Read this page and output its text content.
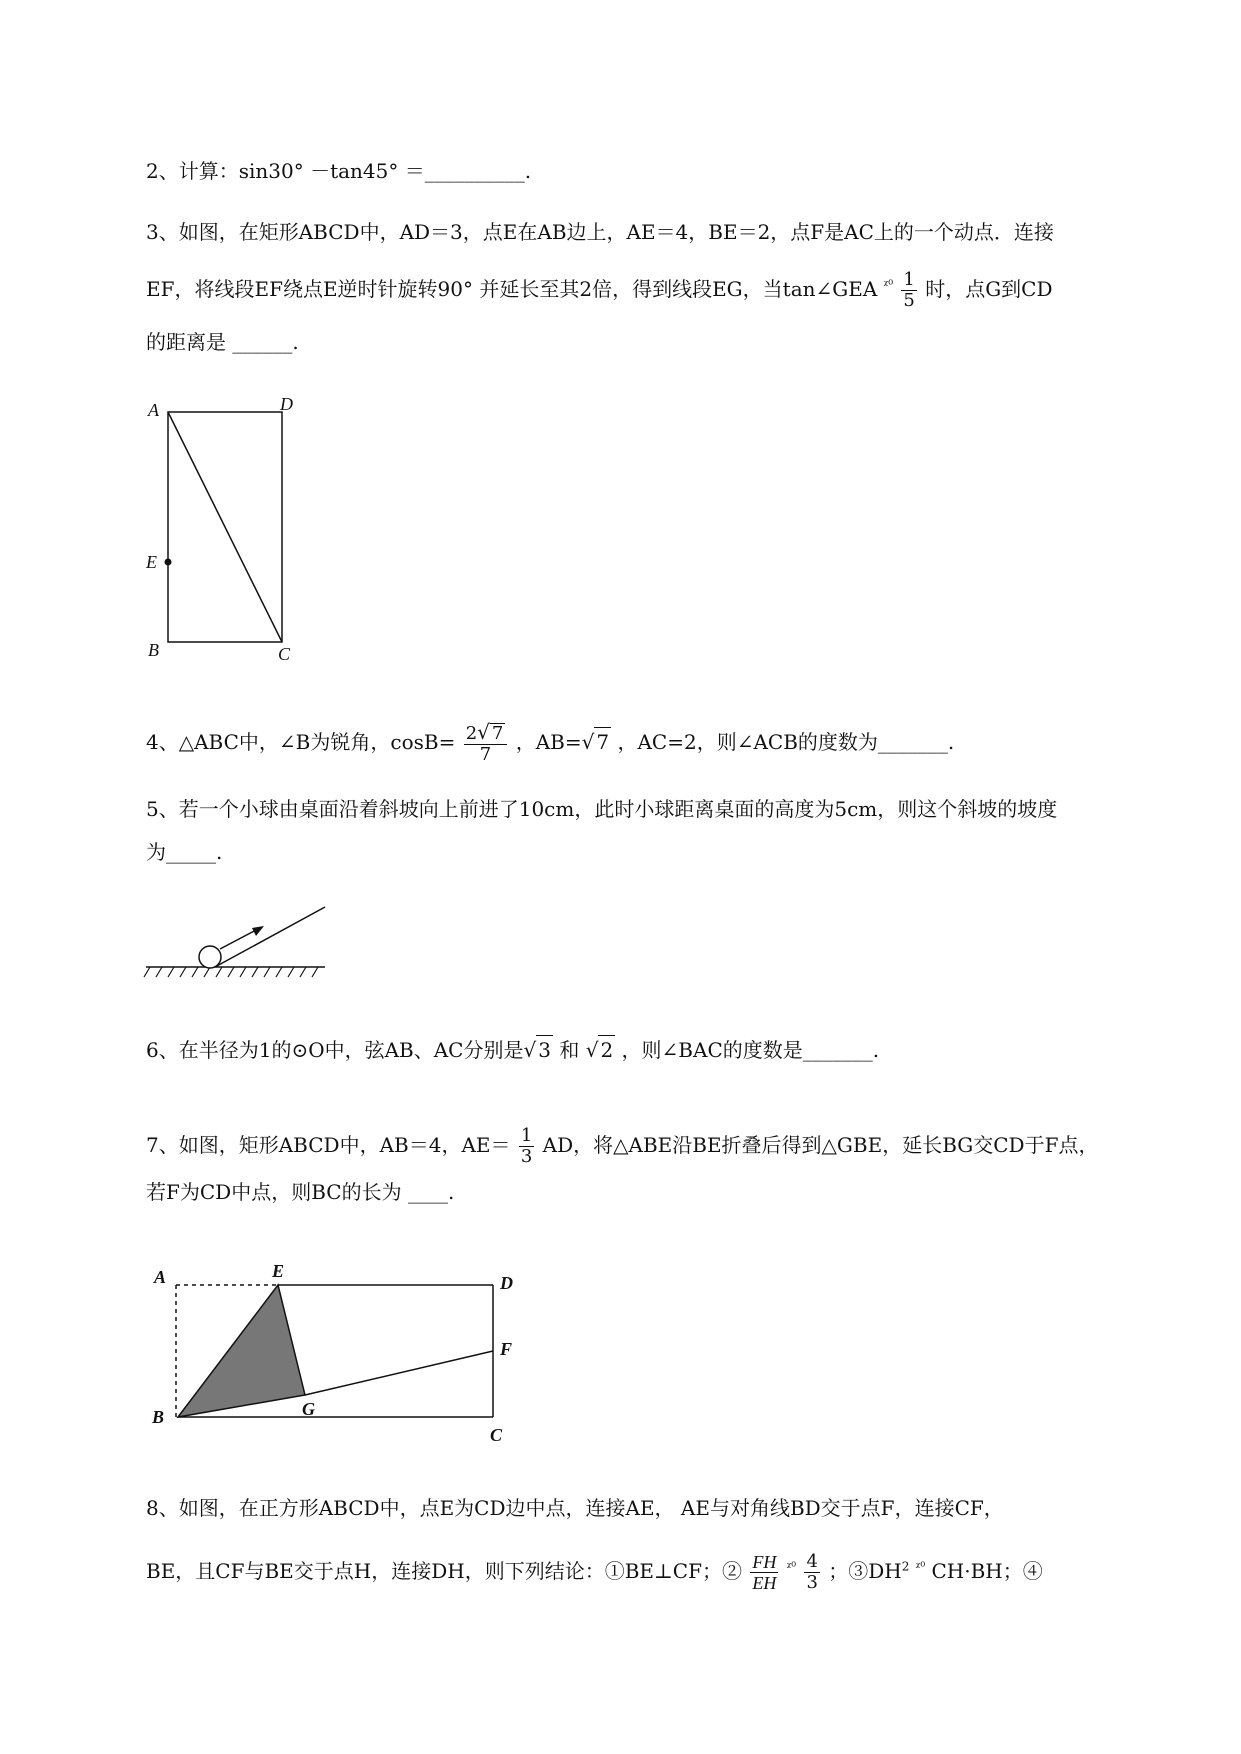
2、计算：sin30° －tan45° ＝__________.
3、如图，在矩形ABCD中，AD＝3，点E在AB边上，AE＝4，BE＝2，点F是AC上的一个动点．连接
EF，将线段EF绕点E逆时针旋转90° 并延长至其2倍，得到线段EG，当tan∠GEA $^{ᵡ^0} \frac{1}{5}$ 时，点G到CD
的距离是 ______.
A	D
E
B	C
4、△ABC中，∠B为锐角，$\cos B= \frac{2√ 7}{7}$ ，AB=√ 7 ，AC=2，则∠ACB的度数为_______.
5、若一个小球由桌面沿着斜坡向上前进了10cm，此时小球距离桌面的高度为5cm，则这个斜坡的坡度
为_____.
6、在半径为1的⊙O中，弦AB、AC分别是√ 3 和 √ 2 ，则∠BAC的度数是_______.
7、如图，矩形ABCD中，AB＝4，$AE= \frac{1}{3}$ AD，将△ABE沿BE折叠后得到△GBE，延长BG交CD于F点，
若F为CD中点，则BC的长为 ____.
A	E
D
F
B	G
C
8、如图，在正方形ABCD中，点E为CD边中点，连接AE， AE与对角线BD交于点F，连接CF，
BE，且CF与BE交于点H，连接DH，则下列结论：①BE⊥CF；② $\frac{FH}{EH} ^{ᵡ^0} \frac{4}{3}$ ；$③DH^2$ $^{ᵡ^0}$ CH·BH；④
